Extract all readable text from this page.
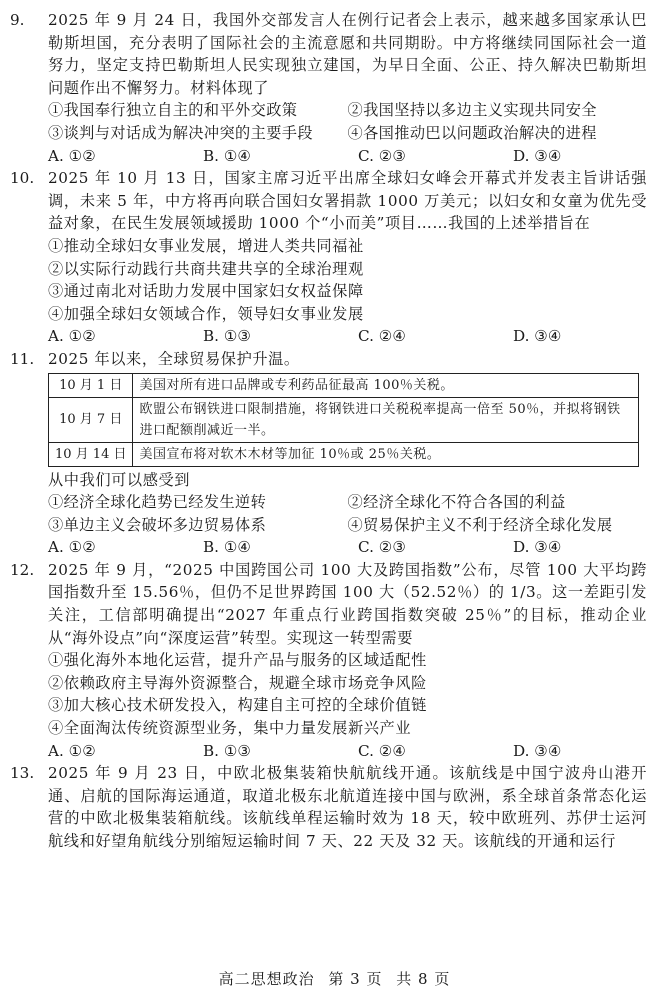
9.	2025 年 9 月 24 日，我国外交部发言人在例行记者会上表示，越来越多国家承认巴勒斯坦国，充分表明了国际社会的主流意愿和共同期盼。中方将继续同国际社会一道努力，坚定支持巴勒斯坦人民实现独立建国，为早日全面、公正、持久解决巴勒斯坦问题作出不懈努力。材料体现了
①我国奉行独立自主的和平外交政策	②我国坚持以多边主义实现共同安全
③谈判与对话成为解决冲突的主要手段	④各国推动巴以问题政治解决的进程
A. ①②	B. ①④	C. ②③	D. ③④
10. 2025 年 10 月 13 日，国家主席习近平出席全球妇女峰会开幕式并发表主旨讲话强调，未来 5 年，中方将再向联合国妇女署捐款 1000 万美元；以妇女和女童为优先受益对象，在民生发展领域援助 1000 个“小而美”项目……我国的上述举措旨在
①推动全球妇女事业发展，增进人类共同福祉
②以实际行动践行共商共建共享的全球治理观
③通过南北对话助力发展中国家妇女权益保障
④加强全球妇女领域合作，领导妇女事业发展
A. ①②	B. ①③	C. ②④	D. ③④
11. 2025 年以来，全球贸易保护升温。
10 月 1 日	美国对所有进口品牌或专利药品征最高 100％关税。
10 月 7 日	欧盟公布钢铁进口限制措施，将钢铁进口关税税率提高一倍至 50％，并拟将钢铁进口配额削减近一半。
10 月 14 日	美国宣布将对软木木材等加征 10％或 25％关税。
从中我们可以感受到
①经济全球化趋势已经发生逆转	②经济全球化不符合各国的利益
③单边主义会破坏多边贸易体系	④贸易保护主义不利于经济全球化发展
A. ①②	B. ①④	C. ②③	D. ③④
12. 2025 年 9 月，“2025 中国跨国公司 100 大及跨国指数”公布，尽管 100 大平均跨国指数升至 15.56％，但仍不足世界跨国 100 大（52.52％）的 1/3。这一差距引发关注，工信部明确提出“2027 年重点行业跨国指数突破 25％”的目标，推动企业从“海外设点”向“深度运营”转型。实现这一转型需要
①强化海外本地化运营，提升产品与服务的区域适配性
②依赖政府主导海外资源整合，规避全球市场竞争风险
③加大核心技术研发投入，构建自主可控的全球价值链
④全面淘汰传统资源型业务，集中力量发展新兴产业
A. ①②	B. ①③	C. ②④	D. ③④
13. 2025 年 9 月 23 日，中欧北极集装箱快航航线开通。该航线是中国宁波舟山港开通、启航的国际海运通道，取道北极东北航道连接中国与欧洲，系全球首条常态化运营的中欧北极集装箱航线。该航线单程运输时效为 18 天，较中欧班列、苏伊士运河航线和好望角航线分别缩短运输时间 7 天、22 天及 32 天。该航线的开通和运行
高二思想政治 第 3 页 共 8 页
